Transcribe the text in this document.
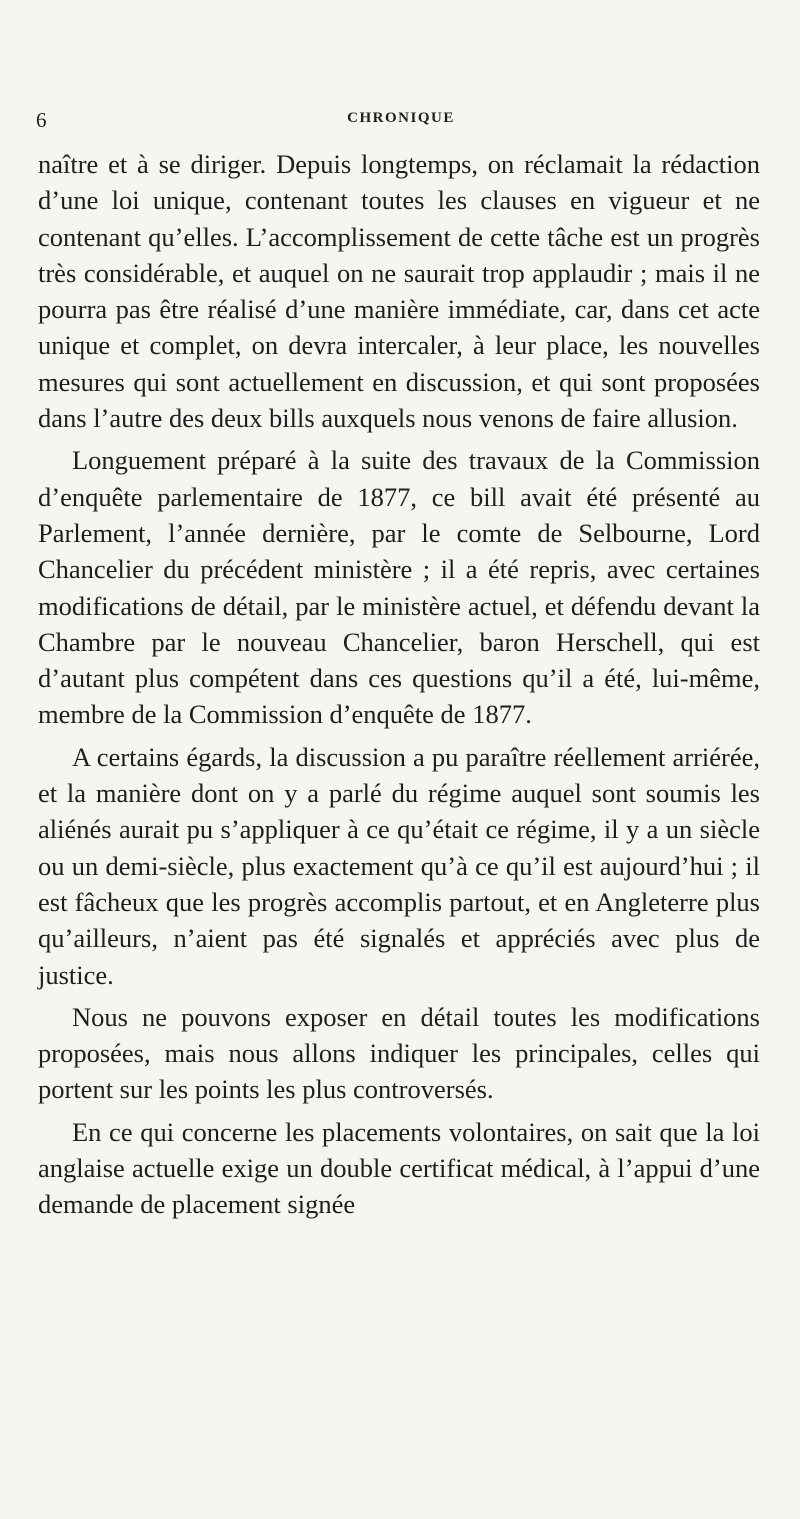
6	CHRONIQUE

naître et à se diriger. Depuis longtemps, on réclamait la rédaction d’une loi unique, contenant toutes les clauses en vigueur et ne contenant qu’elles. L’accomplissement de cette tâche est un progrès très considérable, et auquel on ne saurait trop applaudir ; mais il ne pourra pas être réalisé d’une manière immédiate, car, dans cet acte unique et complet, on devra intercaler, à leur place, les nouvelles mesures qui sont actuellement en discussion, et qui sont proposées dans l’autre des deux bills auxquels nous venons de faire allusion.

Longuement préparé à la suite des travaux de la Commission d’enquête parlementaire de 1877, ce bill avait été présenté au Parlement, l’année dernière, par le comte de Selbourne, Lord Chancelier du précédent ministère ; il a été repris, avec certaines modifications de détail, par le ministère actuel, et défendu devant la Chambre par le nouveau Chancelier, baron Herschell, qui est d’autant plus compétent dans ces questions qu’il a été, lui-même, membre de la Commission d’enquête de 1877.

A certains égards, la discussion a pu paraître réellement arriérée, et la manière dont on y a parlé du régime auquel sont soumis les aliénés aurait pu s’appliquer à ce qu’était ce régime, il y a un siècle ou un demi-siècle, plus exactement qu’à ce qu’il est aujourd’hui ; il est fâcheux que les progrès accomplis partout, et en Angleterre plus qu’ailleurs, n’aient pas été signalés et appréciés avec plus de justice.

Nous ne pouvons exposer en détail toutes les modifications proposées, mais nous allons indiquer les principales, celles qui portent sur les points les plus controversés.

En ce qui concerne les placements volontaires, on sait que la loi anglaise actuelle exige un double certificat médical, à l’appui d’une demande de placement signée
